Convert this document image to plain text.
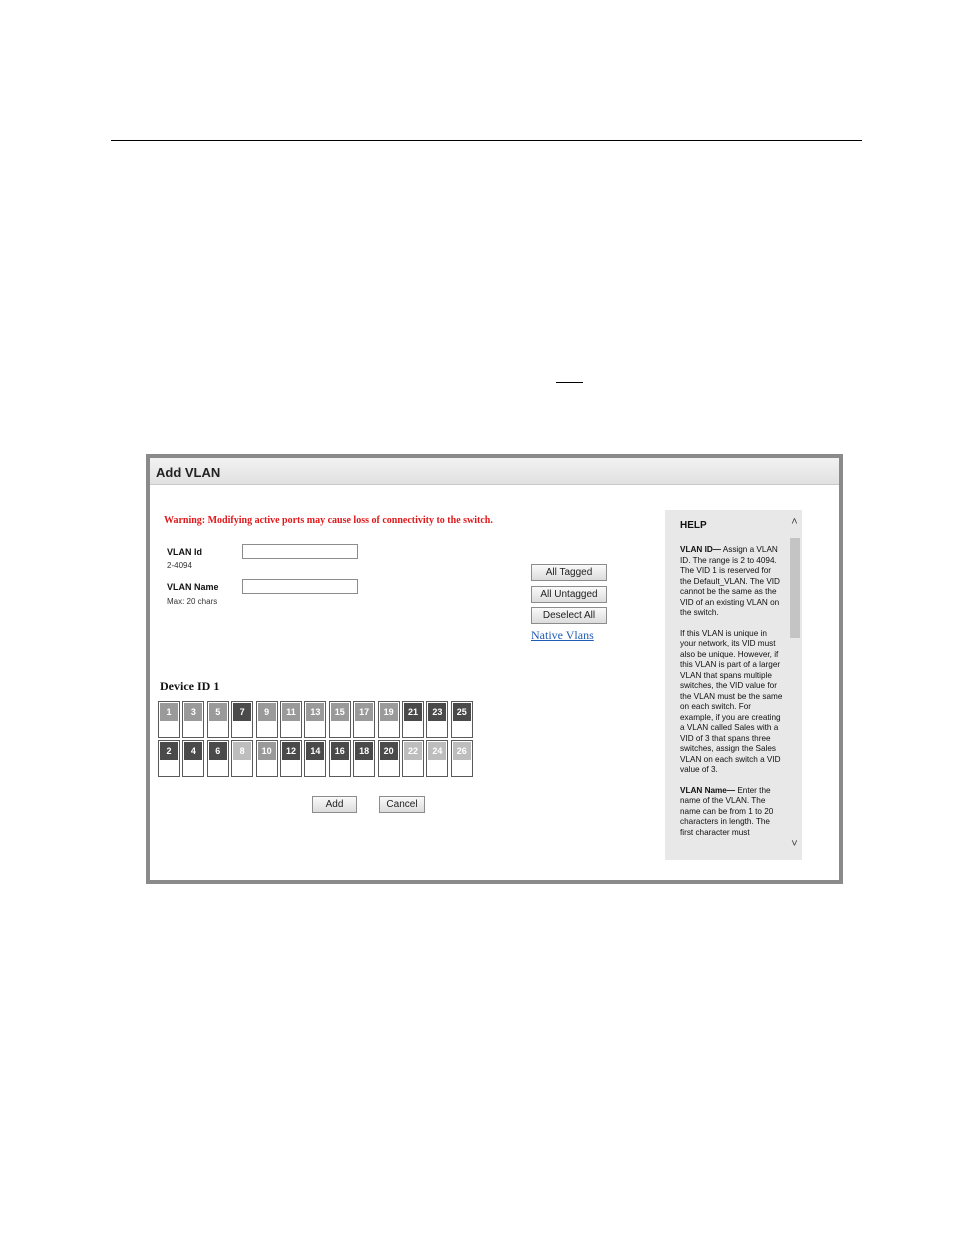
Add VLAN
Warning: Modifying active ports may cause loss of connectivity to the switch.
VLAN Id
2-4094
VLAN Name
Max: 20 chars
All Tagged
All Untagged
Deselect All
Native Vlans
Device ID 1
1	3	5	7	9	11	13	15	17	19	21	23	25
2	4	6	8	10	12	14	16	18	20	22	24	26
Add	Cancel
HELP

VLAN ID— Assign a VLAN ID. The range is 2 to 4094. The VID 1 is reserved for the Default_VLAN. The VID cannot be the same as the VID of an existing VLAN on the switch.

If this VLAN is unique in your network, its VID must also be unique. However, if this VLAN is part of a larger VLAN that spans multiple switches, the VID value for the VLAN must be the same on each switch. For example, if you are creating a VLAN called Sales with a VID of 3 that spans three switches, assign the Sales VLAN on each switch a VID value of 3.

VLAN Name— Enter the name of the VLAN. The name can be from 1 to 20 characters in length. The first character must

˄
˅
